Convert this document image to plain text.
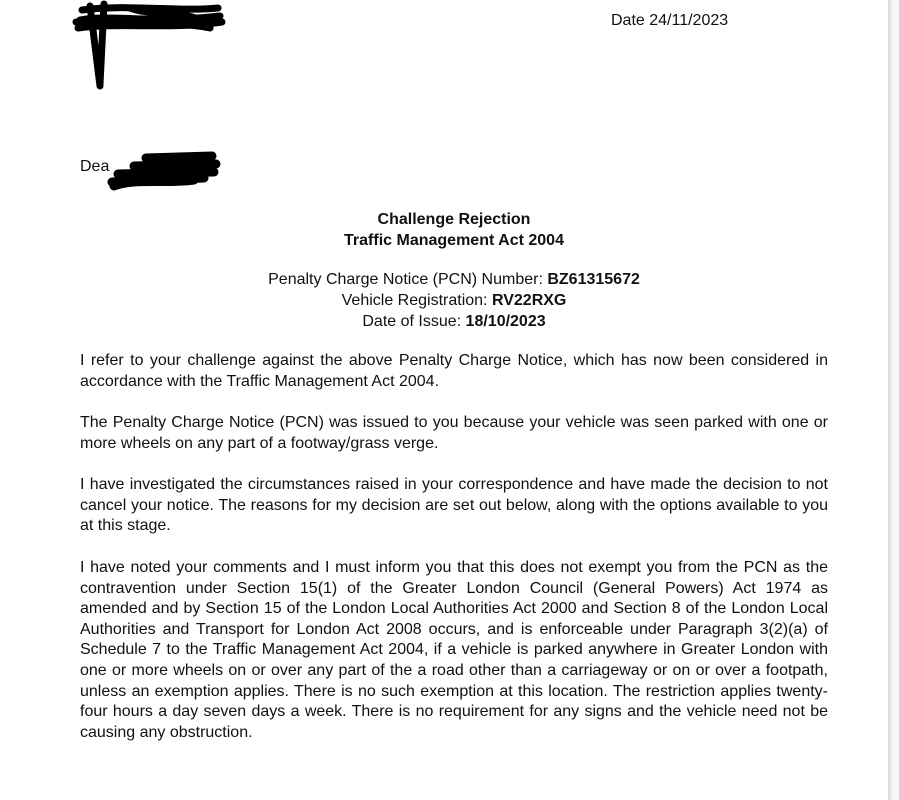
Date 24/11/2023
Dea
Challenge Rejection
Traffic Management Act 2004
Penalty Charge Notice (PCN) Number: BZ61315672
Vehicle Registration: RV22RXG
Date of Issue: 18/10/2023

I refer to your challenge against the above Penalty Charge Notice, which has now been considered in accordance with the Traffic Management Act 2004.

The Penalty Charge Notice (PCN) was issued to you because your vehicle was seen parked with one or more wheels on any part of a footway/grass verge.

I have investigated the circumstances raised in your correspondence and have made the decision to not cancel your notice. The reasons for my decision are set out below, along with the options available to you at this stage.

I have noted your comments and I must inform you that this does not exempt you from the PCN as the contravention under Section 15(1) of the Greater London Council (General Powers) Act 1974 as amended and by Section 15 of the London Local Authorities Act 2000 and Section 8 of the London Local Authorities and Transport for London Act 2008 occurs, and is enforceable under Paragraph 3(2)(a) of Schedule 7 to the Traffic Management Act 2004, if a vehicle is parked anywhere in Greater London with one or more wheels on or over any part of the a road other than a carriageway or on or over a footpath, unless an exemption applies. There is no such exemption at this location. The restriction applies twenty-four hours a day seven days a week. There is no requirement for any signs and the vehicle need not be causing any obstruction.
